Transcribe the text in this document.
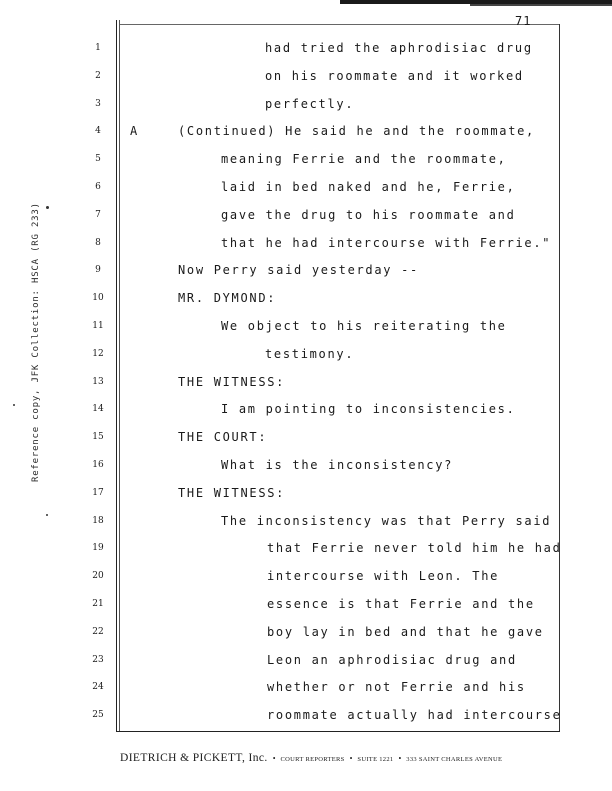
71
Reference copy, JFK Collection: HSCA (RG 233)
1	had tried the aphrodisiac drug
2	on his roommate and it worked
3	perfectly.
4	A	(Continued) He said he and the roommate,
5	meaning Ferrie and the roommate,
6	laid in bed naked and he, Ferrie,
7	gave the drug to his roommate and
8	that he had intercourse with Ferrie."
9	Now Perry said yesterday --
10	MR. DYMOND:
11	We object to his reiterating the
12	testimony.
13	THE WITNESS:
14	I am pointing to inconsistencies.
15	THE COURT:
16	What is the inconsistency?
17	THE WITNESS:
18	The inconsistency was that Perry said
19	that Ferrie never told him he had
20	intercourse with Leon. The
21	essence is that Ferrie and the
22	boy lay in bed and that he gave
23	Leon an aphrodisiac drug and
24	whether or not Ferrie and his
25	roommate actually had intercourse
DIETRICH & PICKETT, Inc. • COURT REPORTERS • SUITE 1221 • 333 SAINT CHARLES AVENUE
